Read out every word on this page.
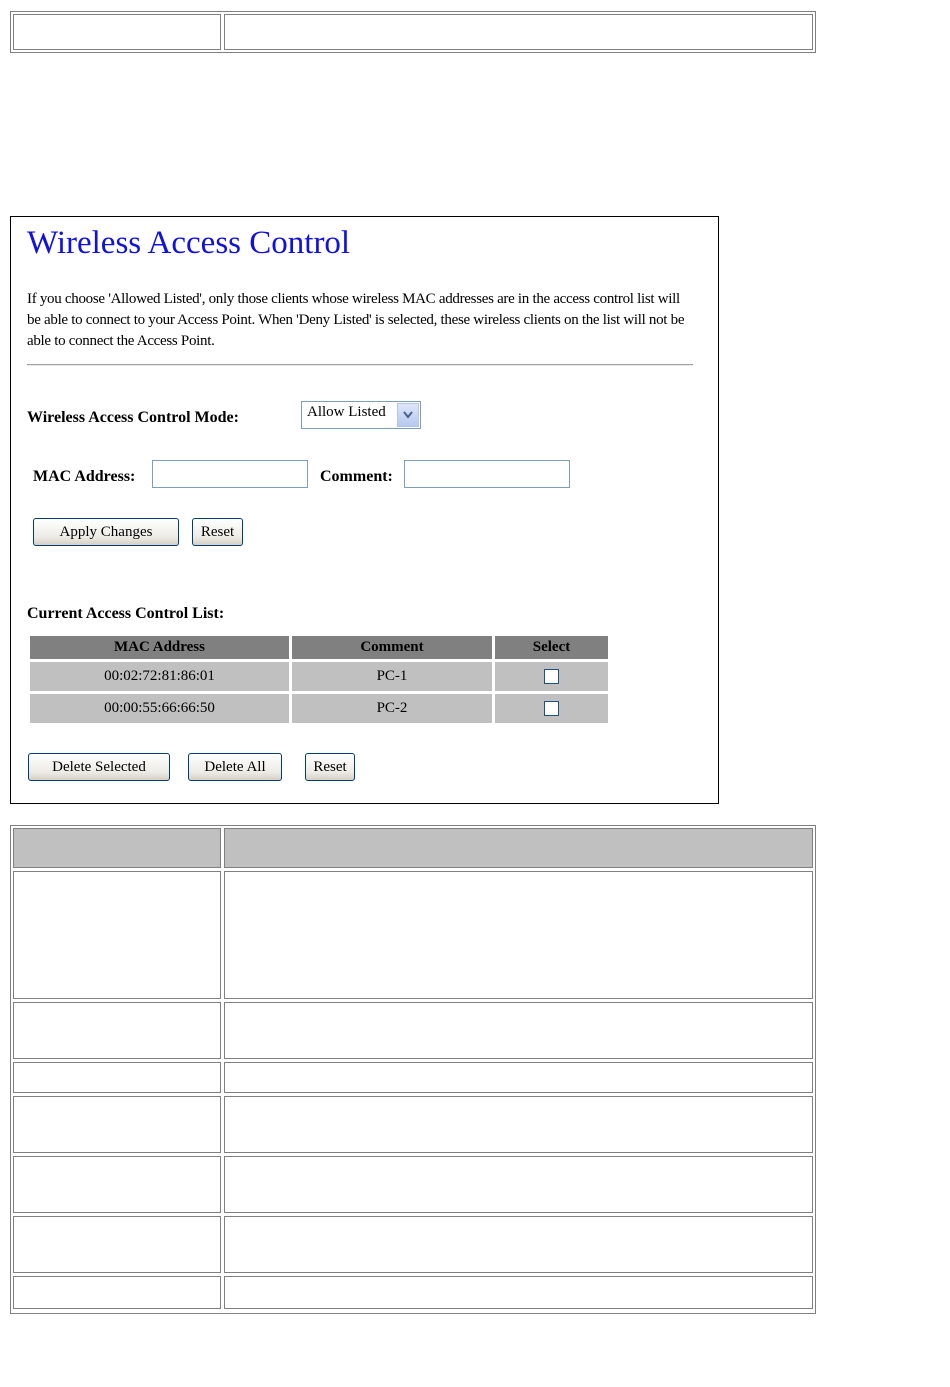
Wireless Access Control

If you choose 'Allowed Listed', only those clients whose wireless MAC addresses are in the access control list will be able to connect to your Access Point. When 'Deny Listed' is selected, these wireless clients on the list will not be able to connect the Access Point.

Wireless Access Control Mode:	Allow Listed
MAC Address:	Comment:
Apply Changes	Reset
Current Access Control List:
MAC Address	Comment	Select
00:02:72:81:86:01	PC-1	
00:00:55:66:66:50	PC-2	
Delete Selected	Delete All	Reset
